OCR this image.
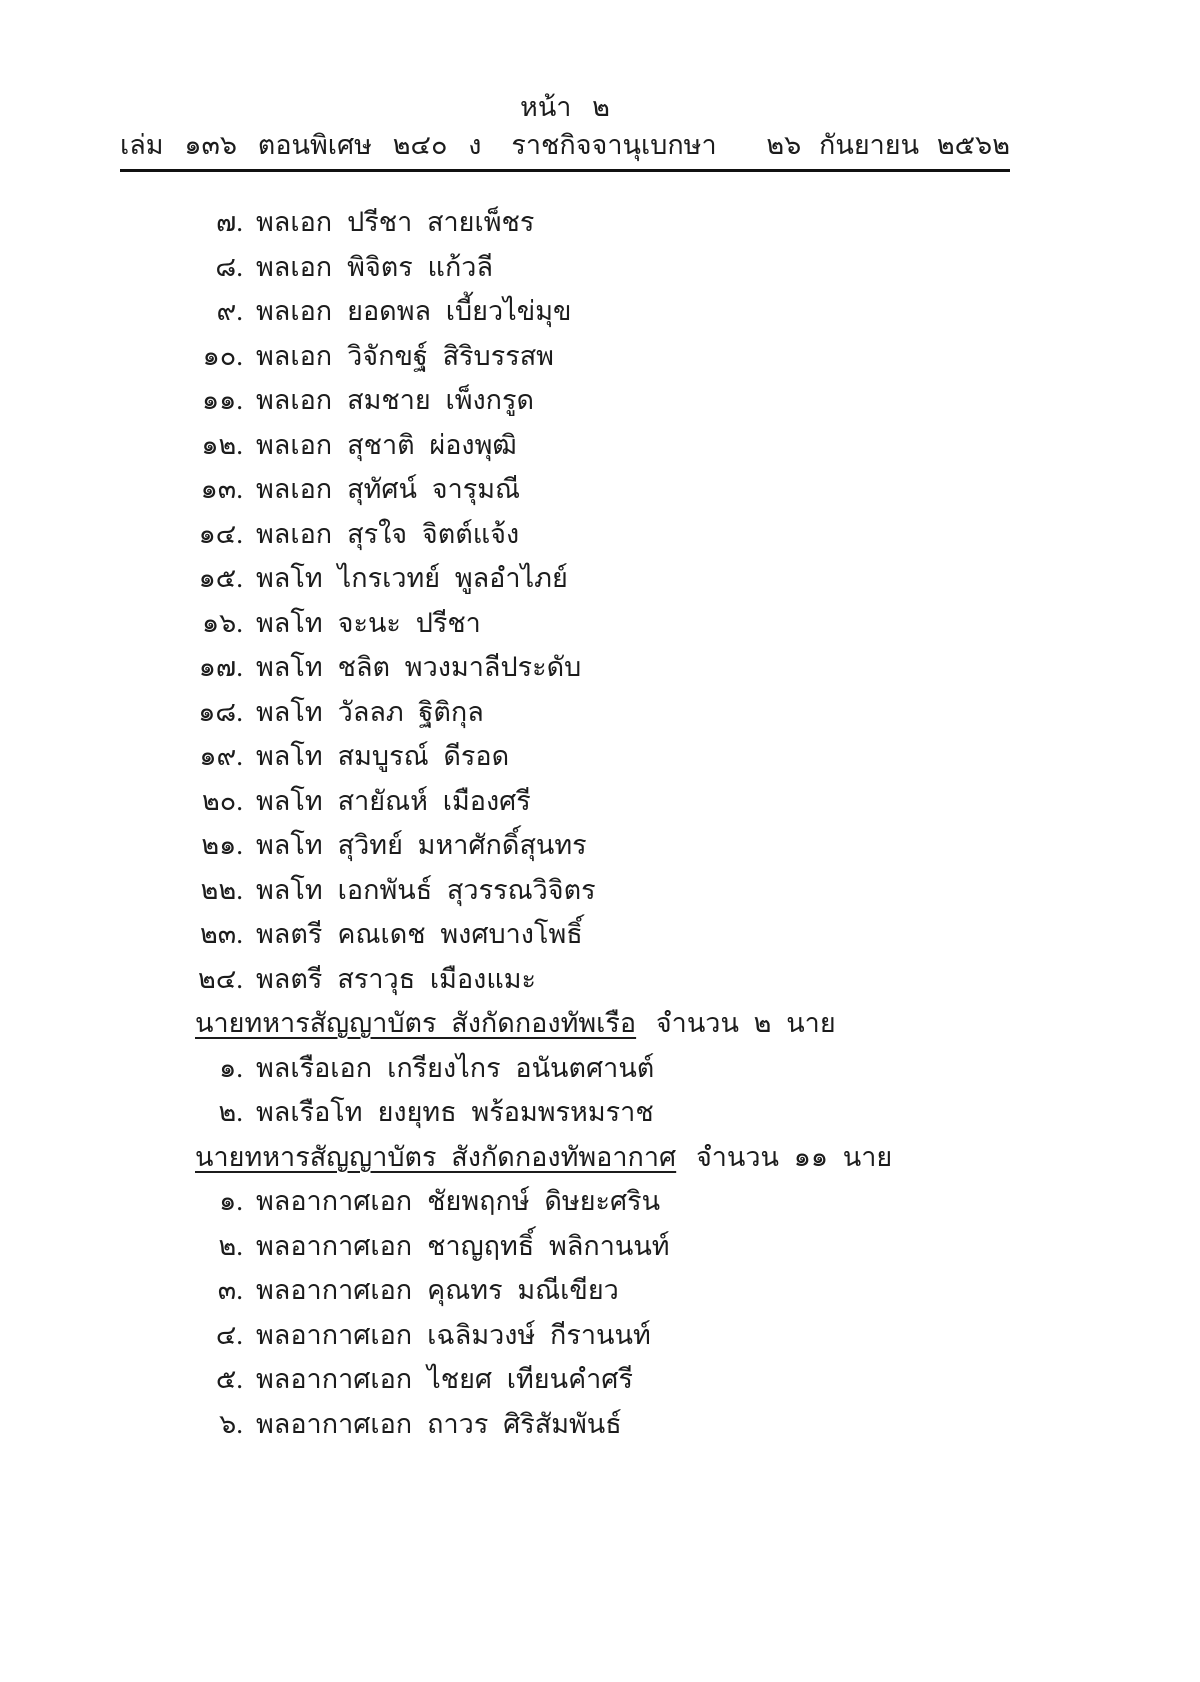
หน้า ๒
เล่ม ๑๓๖ ตอนพิเศษ ๒๔๐ ง	ราชกิจจานุเบกษา	๒๖ กันยายน ๒๕๖๒
๗. พลเอก ปรีชา สายเพ็ชร
๘. พลเอก พิจิตร แก้วลี
๙. พลเอก ยอดพล เบี้ยวไข่มุข
๑๐. พลเอก วิจักขฐ์ สิริบรรสพ
๑๑. พลเอก สมชาย เพ็งกรูด
๑๒. พลเอก สุชาติ ผ่องพุฒิ
๑๓. พลเอก สุทัศน์ จารุมณี
๑๔. พลเอก สุรใจ จิตต์แจ้ง
๑๕. พลโท ไกรเวทย์ พูลอำไภย์
๑๖. พลโท จะนะ ปรีชา
๑๗. พลโท ชลิต พวงมาลีประดับ
๑๘. พลโท วัลลภ ฐิติกุล
๑๙. พลโท สมบูรณ์ ดีรอด
๒๐. พลโท สายัณห์ เมืองศรี
๒๑. พลโท สุวิทย์ มหาศักดิ์สุนทร
๒๒. พลโท เอกพันธ์ สุวรรณวิจิตร
๒๓. พลตรี คณเดช พงศบางโพธิ์
๒๔. พลตรี สราวุธ เมืองแมะ
นายทหารสัญญาบัตร สังกัดกองทัพเรือ จำนวน ๒ นาย
๑. พลเรือเอก เกรียงไกร อนันตศานต์
๒. พลเรือโท ยงยุทธ พร้อมพรหมราช
นายทหารสัญญาบัตร สังกัดกองทัพอากาศ จำนวน ๑๑ นาย
๑. พลอากาศเอก ชัยพฤกษ์ ดิษยะศริน
๒. พลอากาศเอก ชาญฤทธิ์ พลิกานนท์
๓. พลอากาศเอก คุณทร มณีเขียว
๔. พลอากาศเอก เฉลิมวงษ์ กีรานนท์
๕. พลอากาศเอก ไชยศ เทียนคำศรี
๖. พลอากาศเอก ถาวร ศิริสัมพันธ์
